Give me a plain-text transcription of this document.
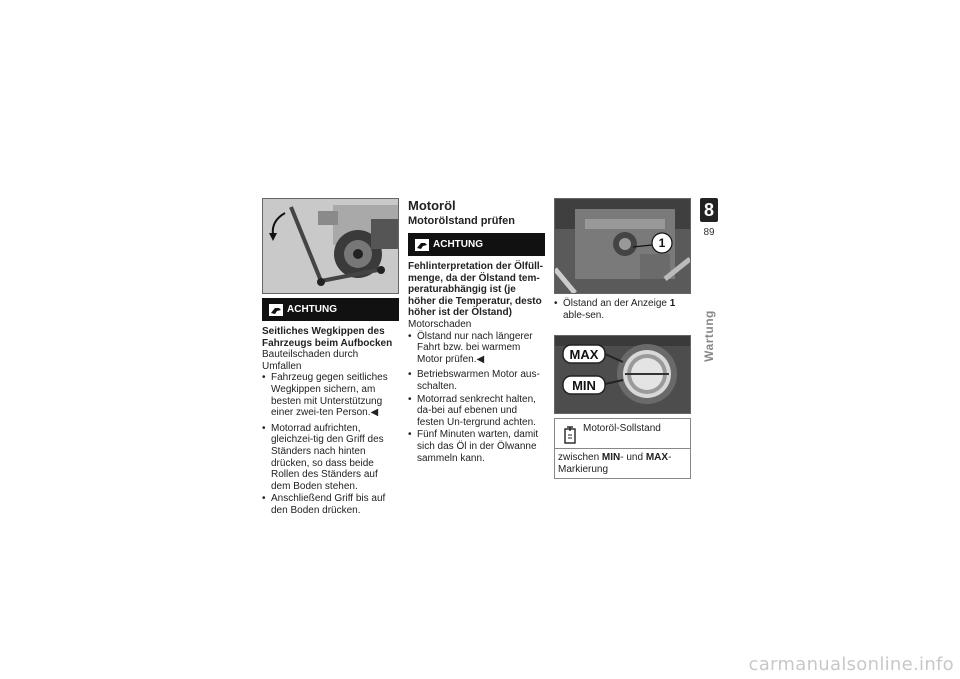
ACHTUNG
Seitliches Wegkippen des Fahrzeugs beim Aufbocken

Bauteilschaden durch Umfallen

• Fahrzeug gegen seitliches Wegkippen sichern, am besten mit Unterstützung einer zwei-ten Person.◀
• Motorrad aufrichten, gleichzei-tig den Griff des Ständers nach hinten drücken, so dass beide Rollen des Ständers auf dem Boden stehen.
• Anschließend Griff bis auf den Boden drücken.
Motoröl
Motorölstand prüfen
ACHTUNG
Fehlinterpretation der Ölfüll-menge, da der Ölstand tem-peraturabhängig ist (je höher die Temperatur, desto höher ist der Ölstand)

Motorschaden

• Ölstand nur nach längerer Fahrt bzw. bei warmem Motor prüfen.◀
• Betriebswarmen Motor aus-schalten.
• Motorrad senkrecht halten, da-bei auf ebenen und festen Un-tergrund achten.
• Fünf Minuten warten, damit sich das Öl in der Ölwanne sammeln kann.
1
• Ölstand an der Anzeige 1 able-sen.
MAX
MIN
Motoröl-Sollstand
zwischen MIN- und MAX-Markierung
8
89
Wartung
carmanualsonline.info
